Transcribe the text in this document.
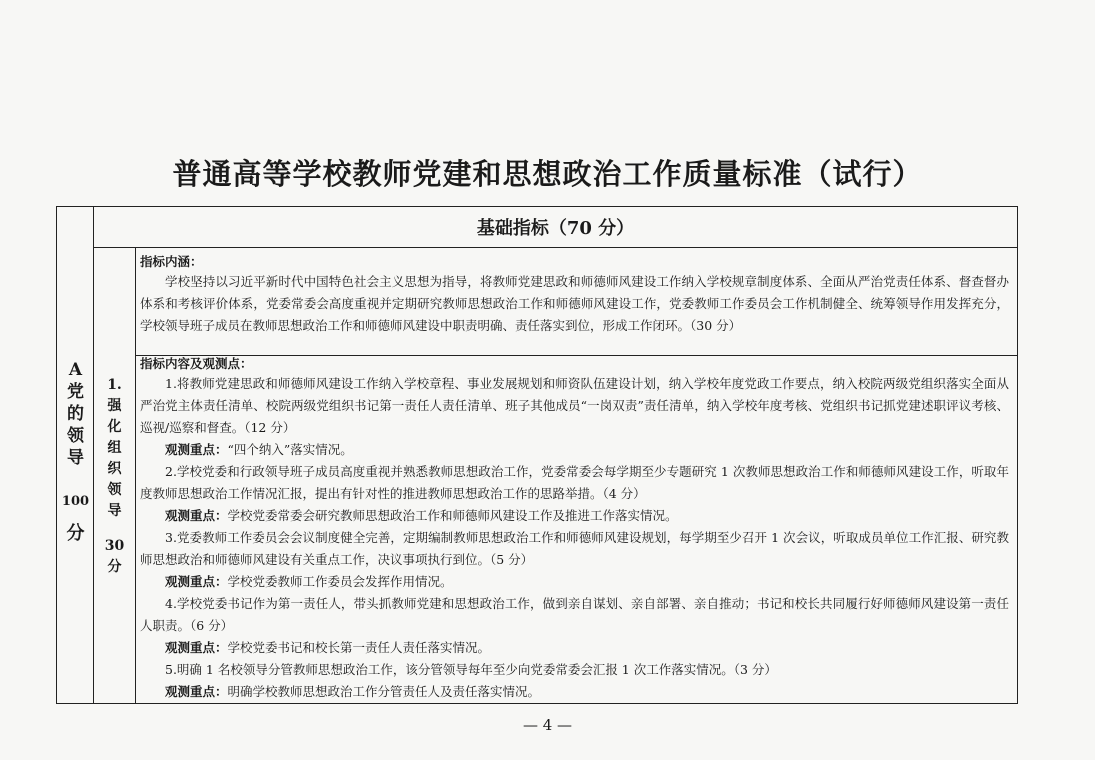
普通高等学校教师党建和思想政治工作质量标准（试行）
A
党
的
领
导
100
分
基础指标（70 分）
1.
强
化
组
织
领
导
30
分
指标内涵：

学校坚持以习近平新时代中国特色社会主义思想为指导，将教师党建思政和师德师风建设工作纳入学校规章制度体系、全面从严治党责任体系、督查督办体系和考核评价体系，党委常委会高度重视并定期研究教师思想政治工作和师德师风建设工作，党委教师工作委员会工作机制健全、统筹领导作用发挥充分，学校领导班子成员在教师思想政治工作和师德师风建设中职责明确、责任落实到位，形成工作闭环。（30 分）

指标内容及观测点：

1.将教师党建思政和师德师风建设工作纳入学校章程、事业发展规划和师资队伍建设计划，纳入学校年度党政工作要点，纳入校院两级党组织落实全面从严治党主体责任清单、校院两级党组织书记第一责任人责任清单、班子其他成员“一岗双责”责任清单，纳入学校年度考核、党组织书记抓党建述职评议考核、巡视/巡察和督查。（12 分）

观测重点：“四个纳入”落实情况。

2.学校党委和行政领导班子成员高度重视并熟悉教师思想政治工作，党委常委会每学期至少专题研究 1 次教师思想政治工作和师德师风建设工作，听取年度教师思想政治工作情况汇报，提出有针对性的推进教师思想政治工作的思路举措。（4 分）

观测重点：学校党委常委会研究教师思想政治工作和师德师风建设工作及推进工作落实情况。

3.党委教师工作委员会会议制度健全完善，定期编制教师思想政治工作和师德师风建设规划，每学期至少召开 1 次会议，听取成员单位工作汇报、研究教师思想政治和师德师风建设有关重点工作，决议事项执行到位。（5 分）

观测重点：学校党委教师工作委员会发挥作用情况。

4.学校党委书记作为第一责任人，带头抓教师党建和思想政治工作，做到亲自谋划、亲自部署、亲自推动；书记和校长共同履行好师德师风建设第一责任人职责。（6 分）

观测重点：学校党委书记和校长第一责任人责任落实情况。

5.明确 1 名校领导分管教师思想政治工作，该分管领导每年至少向党委常委会汇报 1 次工作落实情况。（3 分）

观测重点：明确学校教师思想政治工作分管责任人及责任落实情况。

— 4 —
